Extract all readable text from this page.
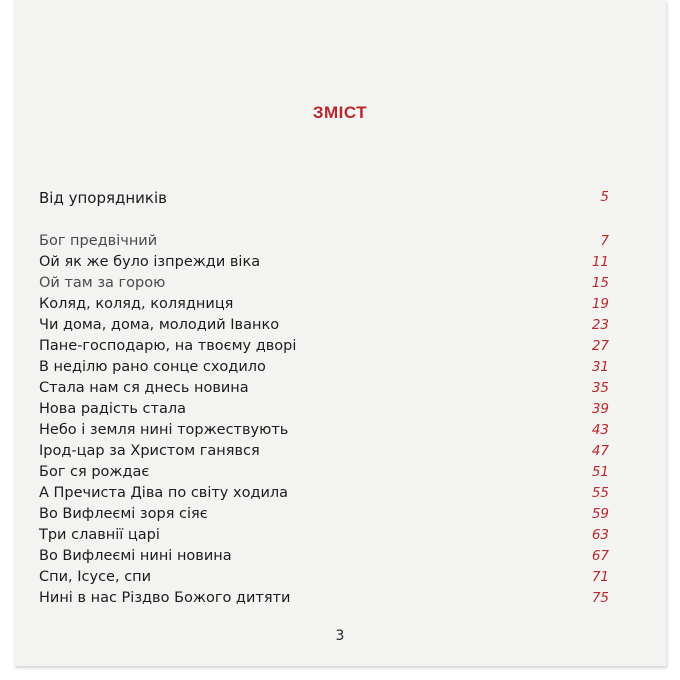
ЗМІСТ
Від упорядників	5
Бог предвічний	7
Ой як же було ізпрежди віка	11
Ой там за горою	15
Коляд, коляд, колядниця	19
Чи дома, дома, молодий Іванко	23
Пане-господарю, на твоєму дворі	27
В неділю рано сонце сходило	31
Стала нам ся днесь новина	35
Нова радість стала	39
Небо і земля нині торжествують	43
Ірод-цар за Христом ганявся	47
Бог ся рождає	51
А Пречиста Діва по світу ходила	55
Во Вифлеємі зоря сіяє	59
Три славнії царі	63
Во Вифлеємі нині новина	67
Спи, Ісусе, спи	71
Нині в нас Різдво Божого дитяти	75
3
